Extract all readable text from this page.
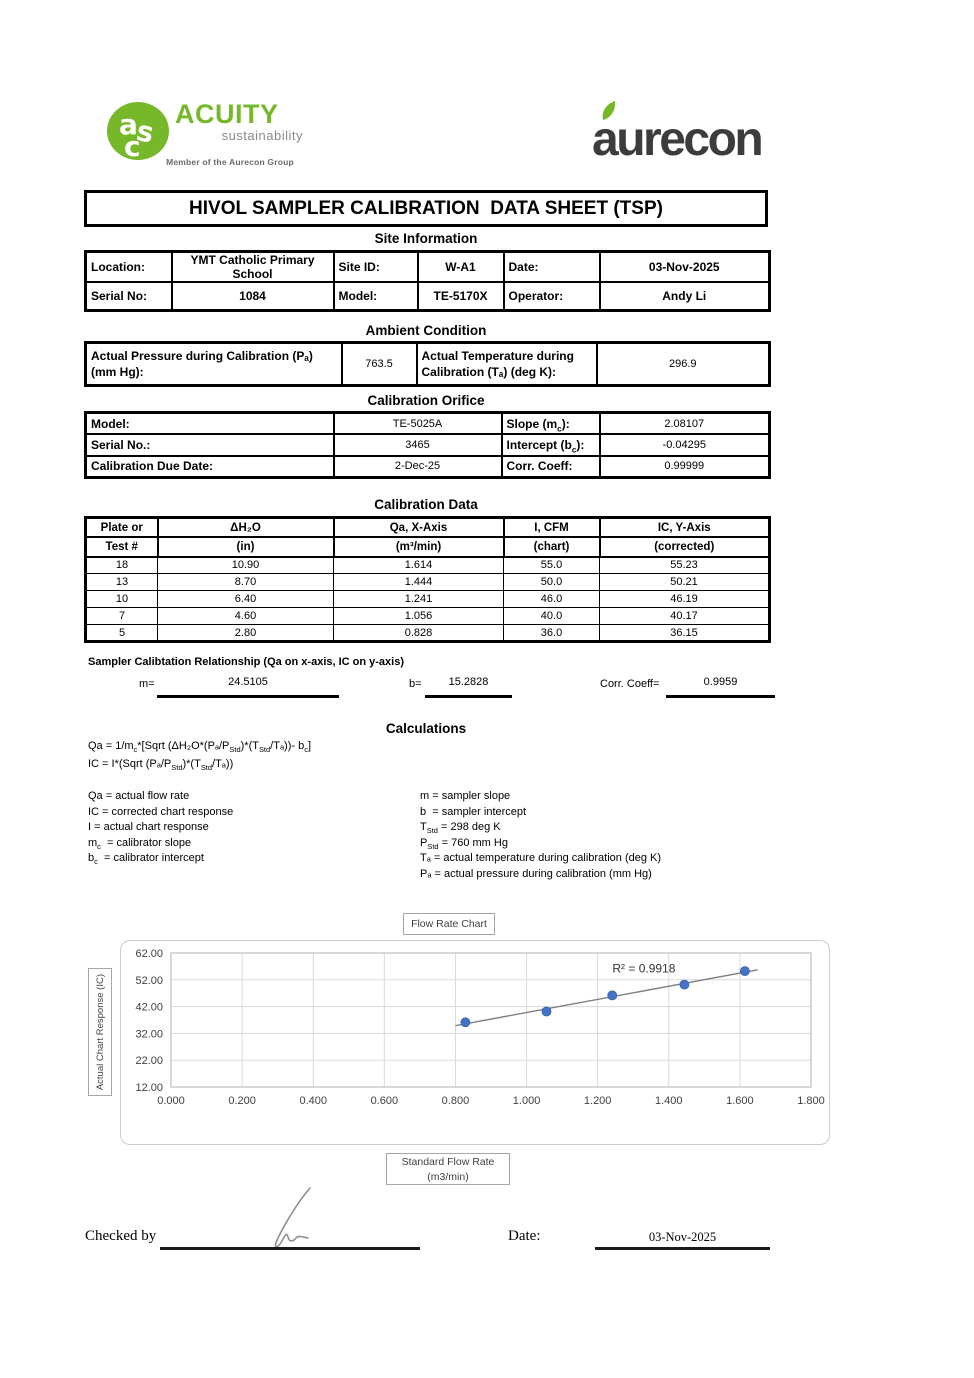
a
s
c
ACUITY
sustainability
Member of the Aurecon Group	aurecon
HIVOL SAMPLER CALIBRATION  DATA SHEET (TSP)
Site Information
Location:	YMT Catholic Primary School	Site ID:	W-A1	Date:	03-Nov-2025
Serial No:	1084	Model:	TE-5170X	Operator:	Andy Li
Ambient Condition
Actual Pressure during Calibration (Pₐ) (mm Hg):	763.5	Actual Temperature during Calibration (Tₐ) (deg K):	296.9
Calibration Orifice
Model:	TE-5025A	Slope $(m_c)$:	2.08107
Serial No.:	3465	Intercept $(b_c)$:	-0.04295
Calibration Due Date:	2-Dec-25	Corr. Coeff:	0.99999
Calibration Data
Plate or	ΔH₂O	Qa, X-Axis	I, CFM	IC, Y-Axis
Test #	(in)	(m³/min)	(chart)	(corrected)
18	10.90	1.614	55.0	55.23
13	8.70	1.444	50.0	50.21
10	6.40	1.241	46.0	46.19
7	4.60	1.056	40.0	40.17
5	2.80	0.828	36.0	36.15
Sampler Calibtation Relationship (Qa on x-axis, IC on y-axis)
m=	24.5105	b=	15.2828	Corr. Coeff=	0.9959
Calculations
$Qa = 1/m_c*[Sqrt$ $(\Delta H_2O*(P_a/P_{Std})*(T_{Std}/T_a))-$ $b_c$]
IC = I*(Sqrt $(P_a/P_{Std})*(T_{Std}/T_a)$)
Qa = actual flow rate
IC = corrected chart response
I = actual chart response
$m_c$  = calibrator slope
$b_c$  = calibrator intercept
m = sampler slope
b  = sampler intercept
$T_{Std} = 298$ deg K
$P_{Std} = 760$ mm Hg
Tₐ = actual temperature during calibration (deg K)
Pₐ = actual pressure during calibration (mm Hg)
Flow Rate Chart
62.00
52.00
42.00
32.00
22.00
12.00
0.000	0.200	0.400	0.600	0.800	1.000	1.200	1.400	1.600	1.800
R² = 0.9918
Actual Chart Response (IC)
Standard Flow Rate
(m3/min)
Checked by	Date:	03-Nov-2025
